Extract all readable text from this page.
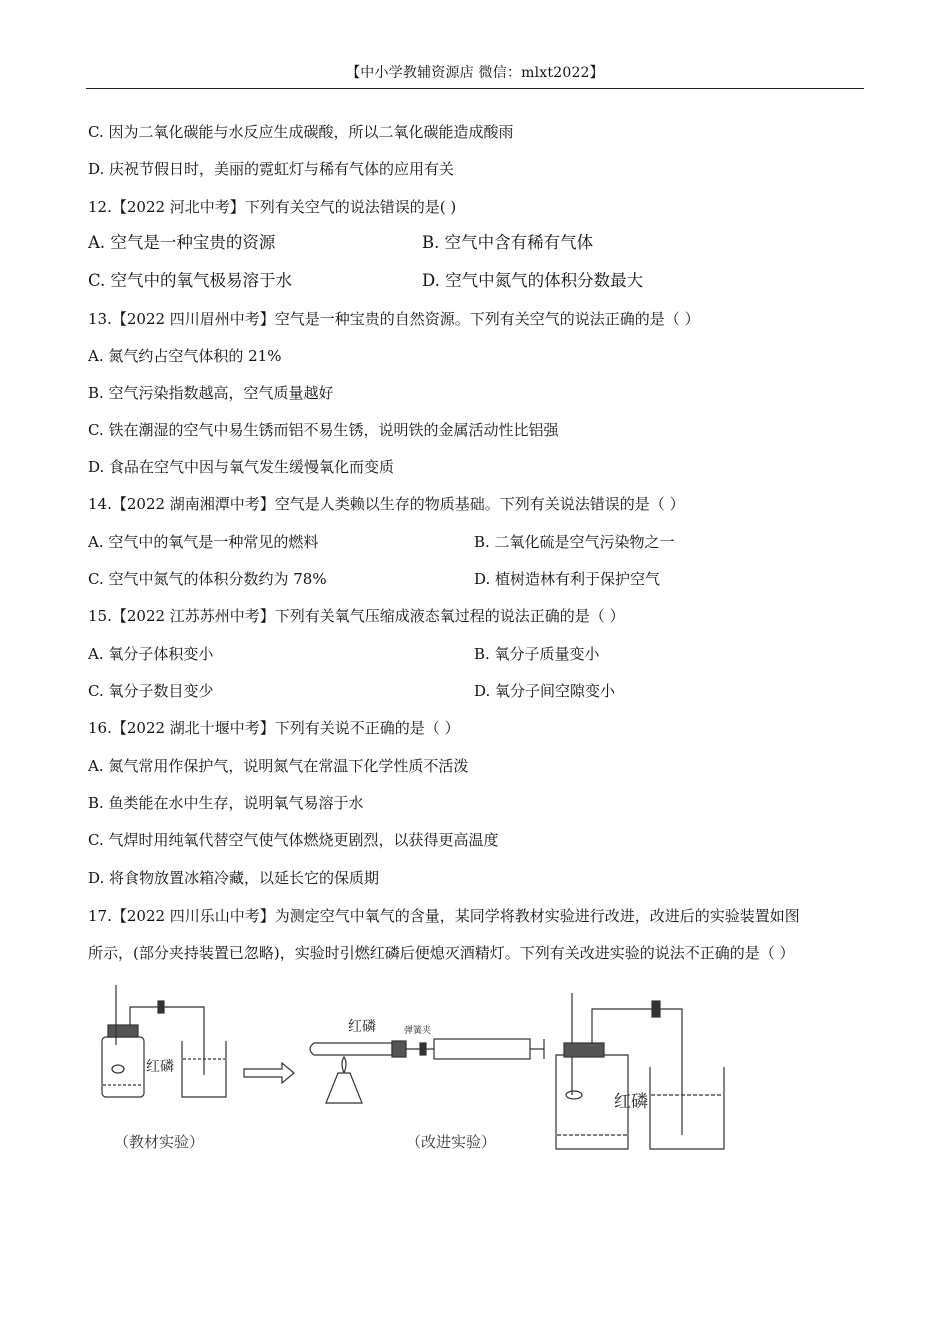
【中小学教辅资源店 微信：mlxt2022】
C. 因为二氧化碳能与水反应生成碳酸，所以二氧化碳能造成酸雨
D. 庆祝节假日时，美丽的霓虹灯与稀有气体的应用有关
12.【2022 河北中考】下列有关空气的说法错误的是( )
A. 空气是一种宝贵的资源	B. 空气中含有稀有气体
C. 空气中的氧气极易溶于水	D. 空气中氮气的体积分数最大
13.【2022 四川眉州中考】空气是一种宝贵的自然资源。下列有关空气的说法正确的是（ ）
A. 氮气约占空气体积的 21%
B. 空气污染指数越高，空气质量越好
C. 铁在潮湿的空气中易生锈而铝不易生锈，说明铁的金属活动性比铝强
D. 食品在空气中因与氧气发生缓慢氧化而变质
14.【2022 湖南湘潭中考】空气是人类赖以生存的物质基础。下列有关说法错误的是（ ）
A. 空气中的氧气是一种常见的燃料	B. 二氧化硫是空气污染物之一
C. 空气中氮气的体积分数约为 78%	D. 植树造林有利于保护空气
15.【2022 江苏苏州中考】下列有关氧气压缩成液态氧过程的说法正确的是（ ）
A. 氧分子体积变小	B. 氧分子质量变小
C. 氧分子数目变少	D. 氧分子间空隙变小
16.【2022 湖北十堰中考】下列有关说不正确的是（ ）
A. 氮气常用作保护气，说明氮气在常温下化学性质不活泼
B. 鱼类能在水中生存，说明氧气易溶于水
C. 气焊时用纯氧代替空气使气体燃烧更剧烈，以获得更高温度
D. 将食物放置冰箱冷藏，以延长它的保质期
17.【2022 四川乐山中考】为测定空气中氧气的含量，某同学将教材实验进行改进，改进后的实验装置如图
所示，(部分夹持装置已忽略)，实验时引燃红磷后便熄灭酒精灯。下列有关改进实验的说法不正确的是（ ）
红磷
（教材实验）
红磷	弹簧夹
（改进实验）
红磷
